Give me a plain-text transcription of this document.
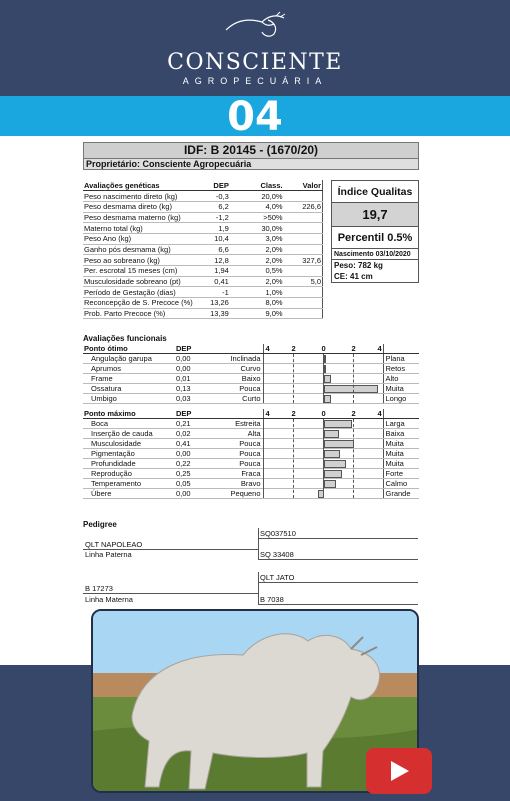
CONSCIENTE
AGROPECUÁRIA
04
IDF: B 20145 - (1670/20)
Proprietário: Consciente Agropecuária
Avaliações genéticas	DEP	Class.	Valor
Peso nascimento direto (kg)	-0,3	20,0%	
Peso desmama direto (kg)	6,2	4,0%	226,6
Peso desmama materno (kg)	-1,2	>50%	
Materno total (kg)	1,9	30,0%	
Peso Ano (kg)	10,4	3,0%	
Ganho pós desmama (kg)	6,6	2,0%	
Peso ao sobreano (kg)	12,8	2,0%	327,6
Per. escrotal 15 meses (cm)	1,94	0,5%	
Musculosidade sobreano (pt)	0,41	2,0%	5,0
Período de Gestação (dias)	-1	1,0%	
Reconcepção de S. Precoce (%)	13,26	8,0%	
Prob. Parto Precoce (%)	13,39	9,0%	
Índice Qualitas
19,7
Percentil 0.5%
Nascimento 03/10/2020
Peso: 782 kg
CE: 41 cm
Avaliações funcionais
Ponto ótimo	DEP		4 2 0 2 4	

Angulação garupa	0,00	Inclinada		Plana
Aprumos	0,00	Curvo		Retos
Frame	0,01	Baixo		Alto
Ossatura	0,13	Pouca		Muita
Umbigo	0,03	Curto		Longo
Ponto máximo	DEP		4 2 0 2 4	

Boca	0,21	Estreita		Larga
Inserção de cauda	0,02	Alta		Baixa
Musculosidade	0,41	Pouca		Muita
Pigmentação	0,00	Pouca		Muita
Profundidade	0,22	Pouca		Muita
Reprodução	0,25	Fraca		Forte
Temperamento	0,05	Bravo		Calmo
Úbere	0,00	Pequeno		Grande
Pedigree
SQ037510
QLT NAPOLEAO
Linha Paterna	SQ 33408
QLT JATO
B 17273
Linha Materna	B 7038
